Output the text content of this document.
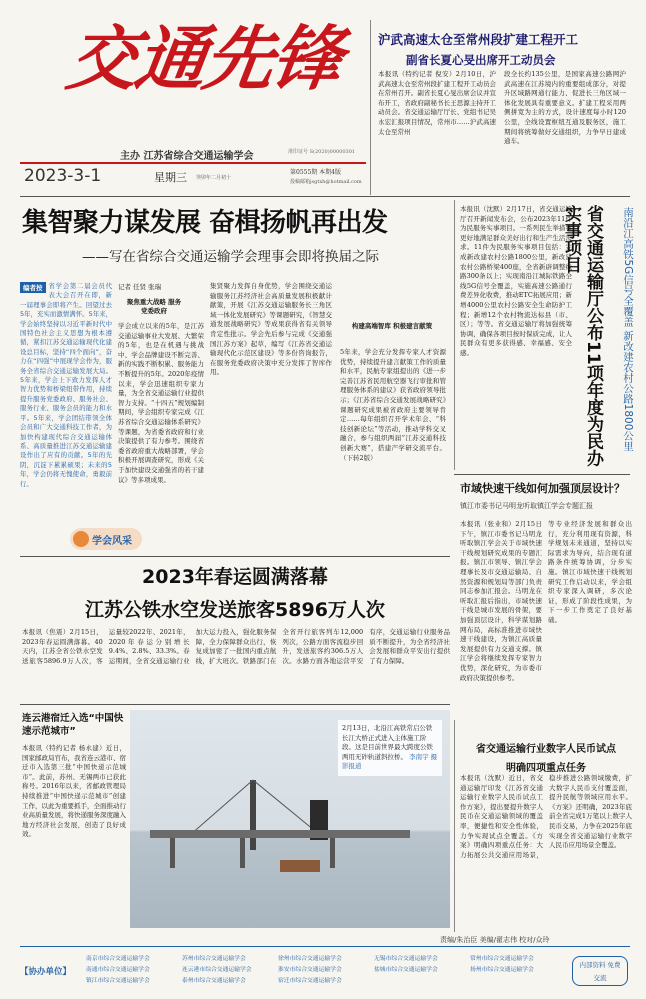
交通先锋
主办 江苏省综合交通运输学会	准印证号 S(2020)00000301
2023-3-1	星期三 癸卯年二月初十
第0555期 本期4版
投稿邮箱jsgtxh@hotmail.com
沪武高速太仓至常州段扩建工程开工
副省长夏心旻出席开工动员会
本报讯（特约记者 倪安）2月10日，沪武高速太仓至常州段扩建工程开工动员会在常州召开。副省长夏心旻出席会议并宣布开工，省政府副秘书长王思源主持开工动员会。省交通运输厅厅长、党组书记吴永宏汇报项目情况，常州市……沪武高速太仓至常州
段全长约135公里，是国家高速公路网沪武高速在江苏境内的重要组成部分，对提升区域路网通行能力、促进长三角区域一体化发展具有重要意义。扩建工程采用两侧拼宽为主的方式，设计速度每小时120公里，全线设置枢纽互通及服务区，施工期间将统筹做好交通组织，力争早日建成通车。
集智聚力谋发展 奋楫扬帆再出发
——写在省综合交通运输学会理事会即将换届之际
编者按 省学会第二届会员代表大会召开在即，新一届理事会即将产生。回望过去5年，充实而激情满怀。5年来，学会始终坚持以习近平新时代中国特色社会主义思想为根本遵循，紧扣江苏交通运输现代化建设总目标，坚持“四个面向”，奋力在“四强”中展现学会作为，服务全省综合交通运输发展大局。5年来，学会上下致力发挥人才智力优势和桥梁纽带作用，持续提升服务党委政府、服务社会、服务行业、服务会员的能力和水平。5年来，学会团结带领全体会员和广大交通科技工作者，为加快构建现代综合交通运输体系、高质量推进江苏交通运输建设作出了应有的贡献。5年的光阴，沉淀下累累硕果；未来的5年，学会仍将无愧使命，勇毅前行。
学会风采
记者 任贤 张瑞
聚焦重大战略 服务党委政府
学会成立以来的5年，是江苏交通运输事业大发展、大繁荣的5年，也是在机遇与挑战中、学会品牌建设不断完善、新的实践不断积累、服务能力不断提升的5年。2020年疫情以来，学会迅速组织专家力量，为全省交通运输行业提供智力支持。“十四五”规划编制期间，学会组织专家完成《江苏省综合交通运输体系研究》等课题，为省委省政府和行业决策提供了有力参考。围绕省委省政府重大战略部署，学会积极开展调查研究，形成《关于加快建设交通强省的若干建议》等多项成果。
集贤聚力发挥自身优势，学会围绕交通运输服务江苏经济社会高质量发展积极献计献策，开展《江苏交通运输服务长三角区域一体化发展研究》等课题研究，《智慧交通发展战略研究》等成果获得省有关领导肯定性批示。学会先后参与完成《交通强国江苏方案》起草，编写《江苏省交通运输现代化示范区建设》等多份咨询报告，在服务党委政府决策中充分发挥了智库作用。
构建高端智库 积极建言献策
5年来，学会充分发挥专家人才资源优势，持续提升建言献策工作的质量和水平，民航专家组提出的《进一步完善江苏省民用航空器飞行审批和管理服务体系的建议》获省政府领导批示；《江苏省综合交通发展战略研究》课题研究成果被省政府主要领导肯定……每年组织召开学术年会、“科技创新论坛”等活动，推动学科交叉融合，参与组织两届“江苏交通科技创新大赛”，搭建产学研交流平台。（下转2版）
本报讯（沈默）2月17日，省交通运输厅召开新闻发布会，公布2023年11件为民服务实事项目。一系列民生举措将更好地满足群众美好出行和生产生活需求。11件为民服务实事项目包括：完成新改建农村公路1800公里，新改建农村公路桥梁400座，全省新辟调整线路300条以上；实现南沿江城际铁路全线5G信号全覆盖，实施高速公路通行费差异化收费，推动ETC拓展应用；新增4000公里农村公路安全生命防护工程；新增12个农村物流达标县（市、区）；等等。省交通运输厅将加强统筹协调，确保各项目按时保质完成，让人民群众有更多获得感、幸福感、安全感。	省交通运输厅公布11项年度为民办实事项目	南沿江高铁5G信号全覆盖 新改建农村公路1800公里
市域快速干线如何加强顶层设计？
镇江市委书记马明龙听取镇江学会专题汇报
本报讯（张业和）2月15日下午，镇江市委书记马明龙听取镇江学会关于市域快速干线规划研究成果的专题汇报。镇江市领导、镇江学会理事长及市交通运输局、自然资源和规划局等部门负责同志参加汇报会。马明龙在听取汇报后指出，市域快速干线是城市发展的骨架，要加强顶层设计，科学谋划路网布局，高标准推进市域快速干线建设，为镇江高质量发展提供有力交通支撑。镇江学会将继续发挥专家智力优势，深化研究，为市委市政府决策提供参考。
等专业经济发展和群众出行，充分利用现有资源，科学规划未来通道，坚持以实际需求为导向，结合现有道路条件统筹协调，分步实施。镇江市域快速干线规划研究工作启动以来，学会组织专家深入调研，多次论证，形成了阶段性成果，为下一步工作奠定了良好基础。
2023年春运圆满落幕
江苏公铁水空发送旅客5896万人次
本报讯（焦震）2月15日，2023年春运圆满落幕。40天内，江苏全省公铁水空发送旅客5896.9万人次，客运量较2022年、2021年，2020年春运分别增长9.4%、2.8%、33.3%。春运期间，全省交通运输行业加大运力投入，强化服务保障，全力保障群众出行，恢复成加密了一批国内重点航线，扩大班次。铁路部门在全省开行旅客列车12,000列次，公路方面客流稳步回升，发送旅客约306.5万人次。水路方面各地运营平安有序，交通运输行业服务品质不断提升，为全省经济社会发展和群众平安出行提供了有力保障。
连云港宿迁入选“中国快速示范城市”
本报讯（特约记者 杨永建）近日，国家邮政局官布，我省连云港市、宿迁市入选第三批“中国快递示范城市”。此前，苏州、无锡两市已获此称号。2016年以来，省邮政管理局持续推进“中国快递示范城市”创建工作，以此为重要抓手，全面推动行业高质量发展，将快递服务深度融入地方经济社会发展，创造了良好成效。
2月13日，北沿江高铁常启公铁长江大桥正式进入主体施工阶段。这是目前世界最大跨度公铁两用无砟轨道斜拉桥。 李南宇 摄影报道
省交通运输行业数字人民币试点
明确四项重点任务
本报讯（沈默）近日，省交通运输厅印发《江苏省交通运输行业数字人民币试点工作方案》，提出要提升数字人民币在交通运输领域的覆盖率，便捷性和安全性体验，力争实现试点全覆盖。《方案》明确四项重点任务：大力拓展公共交通应用场景，稳步推进公路领域缴费，扩大数字人民币支付覆盖面，提升民航等领域应用水平。《方案》还明确，2023年底前全省完成1万笔以上数字人民币交易，力争在2025年底实现全省交通运输行业数字人民币应用场景全覆盖。
责编/朱治臣 美编/翟志伟 校对/众玲
【协办单位】
南京市综合交通运输学会
南通市综合交通运输学会
镇江市综合交通运输学会
苏州市综合交通运输学会
连云港市综合交通运输学会
泰州市综合交通运输学会
徐州市综合交通运输学会
淮安市综合交通运输学会
宿迁市综合交通运输学会
无锡市综合交通运输学会
盐城市综合交通运输学会
常州市综合交通运输学会
扬州市综合交通运输学会
内部资料 免费交流
